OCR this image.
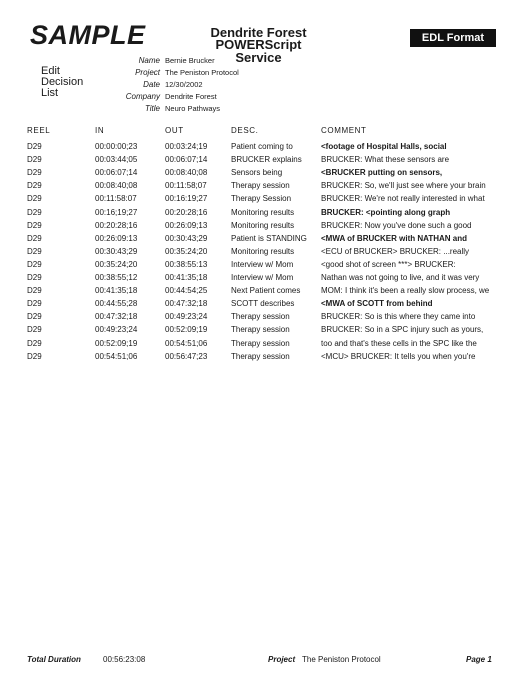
SAMPLE	Dendrite Forest
POWERScript Service
EDL Format
Edit
Decision
List
Name Bernie Brucker
Project The Peniston Protocol
Date 12/30/2002
Company Dendrite Forest
Title Neuro Pathways
REEL	IN	OUT	DESC.	COMMENT
D29	00:00:00;23	00:03:24;19	Patient coming to	<footage of Hospital Halls, social
D29	00:03:44;05	00:06:07;14	BRUCKER explains	BRUCKER: What these sensors are
D29	00:06:07;14	00:08:40;08	Sensors being	<BRUCKER putting on sensors,
D29	00:08:40;08	00:11:58;07	Therapy session	BRUCKER: So, we'll just see where your brain
D29	00:11:58:07	00:16:19;27	Therapy Session	BRUCKER: We're not really interested in what
D29	00:16;19;27	00:20:28;16	Monitoring results	BRUCKER: <pointing along graph
D29	00:20:28;16	00:26:09;13	Monitoring results	BRUCKER: Now you've done such a good
D29	00:26:09:13	00:30:43;29	Patient is STANDING	<MWA of BRUCKER with NATHAN and
D29	00:30:43;29	00:35:24;20	Monitoring results	<ECU of BRUCKER> BRUCKER: ...really
D29	00:35:24;20	00:38:55:13	Interview w/ Mom	<good shot of screen ***> BRUCKER:
D29	00:38:55;12	00:41:35;18	Interview w/ Mom	Nathan was not going to live, and it was very
D29	00:41:35;18	00:44:54;25	Next Patient comes	MOM: I think it's been a really slow process, we
D29	00:44:55;28	00:47:32;18	SCOTT describes	<MWA of SCOTT from behind
D29	00:47:32;18	00:49:23;24	Therapy session	BRUCKER: So is this where they came into
D29	00:49:23;24	00:52:09;19	Therapy session	BRUCKER: So in a SPC injury such as yours,
D29	00:52:09;19	00:54:51;06	Therapy session	too and that's these cells in the SPC like the
D29	00:54:51;06	00:56:47;23	Therapy session	<MCU> BRUCKER: It tells you when you're
Total Duration	00:56:23:08	Project The Peniston Protocol	Page 1
